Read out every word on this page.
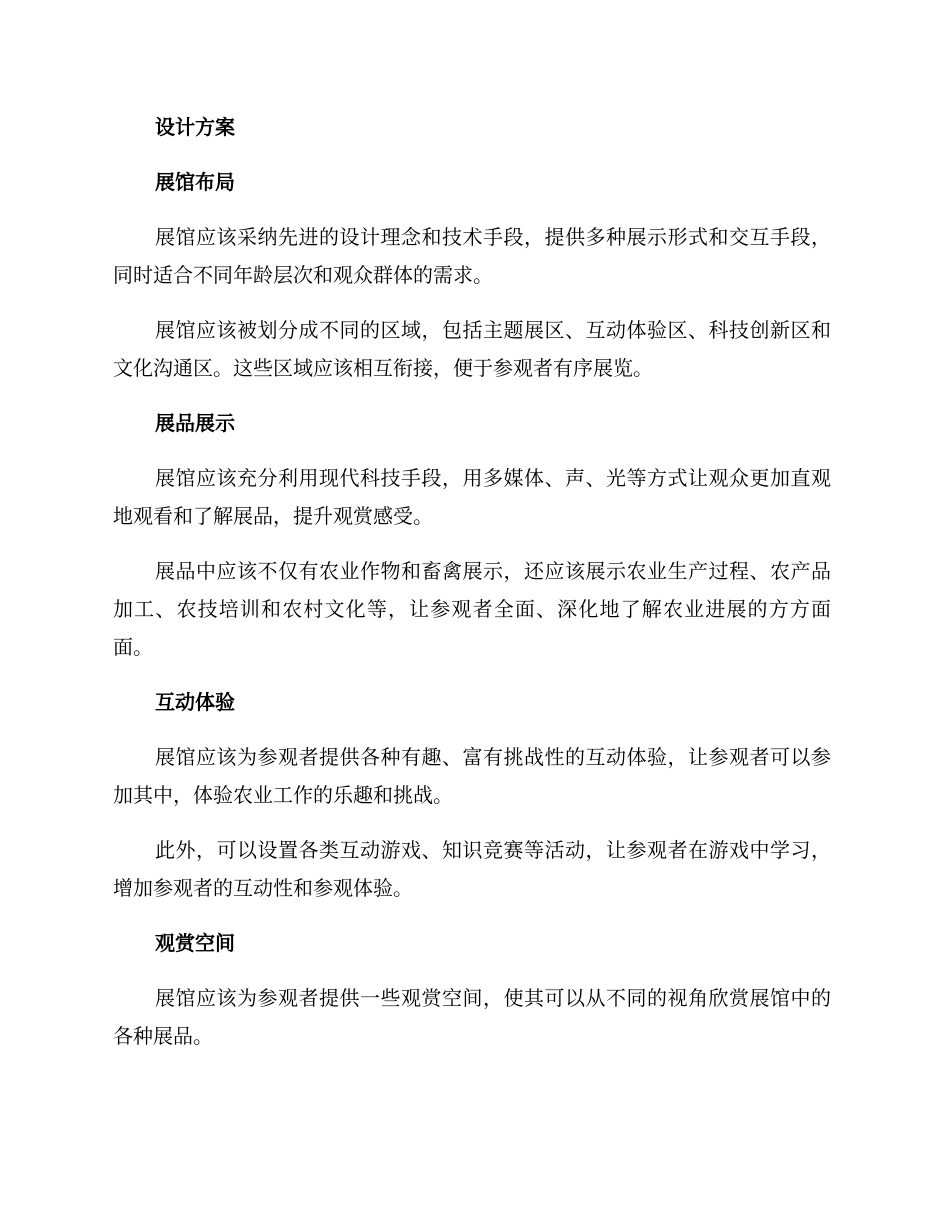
设计方案
展馆布局

展馆应该采纳先进的设计理念和技术手段，提供多种展示形式和交互手段，同时适合不同年龄层次和观众群体的需求。

展馆应该被划分成不同的区域，包括主题展区、互动体验区、科技创新区和文化沟通区。这些区域应该相互衔接，便于参观者有序展览。

展品展示

展馆应该充分利用现代科技手段，用多媒体、声、光等方式让观众更加直观地观看和了解展品，提升观赏感受。

展品中应该不仅有农业作物和畜禽展示，还应该展示农业生产过程、农产品加工、农技培训和农村文化等，让参观者全面、深化地了解农业进展的方方面面。

互动体验

展馆应该为参观者提供各种有趣、富有挑战性的互动体验，让参观者可以参加其中，体验农业工作的乐趣和挑战。

此外，可以设置各类互动游戏、知识竞赛等活动，让参观者在游戏中学习，增加参观者的互动性和参观体验。

观赏空间

展馆应该为参观者提供一些观赏空间，使其可以从不同的视角欣赏展馆中的各种展品。
